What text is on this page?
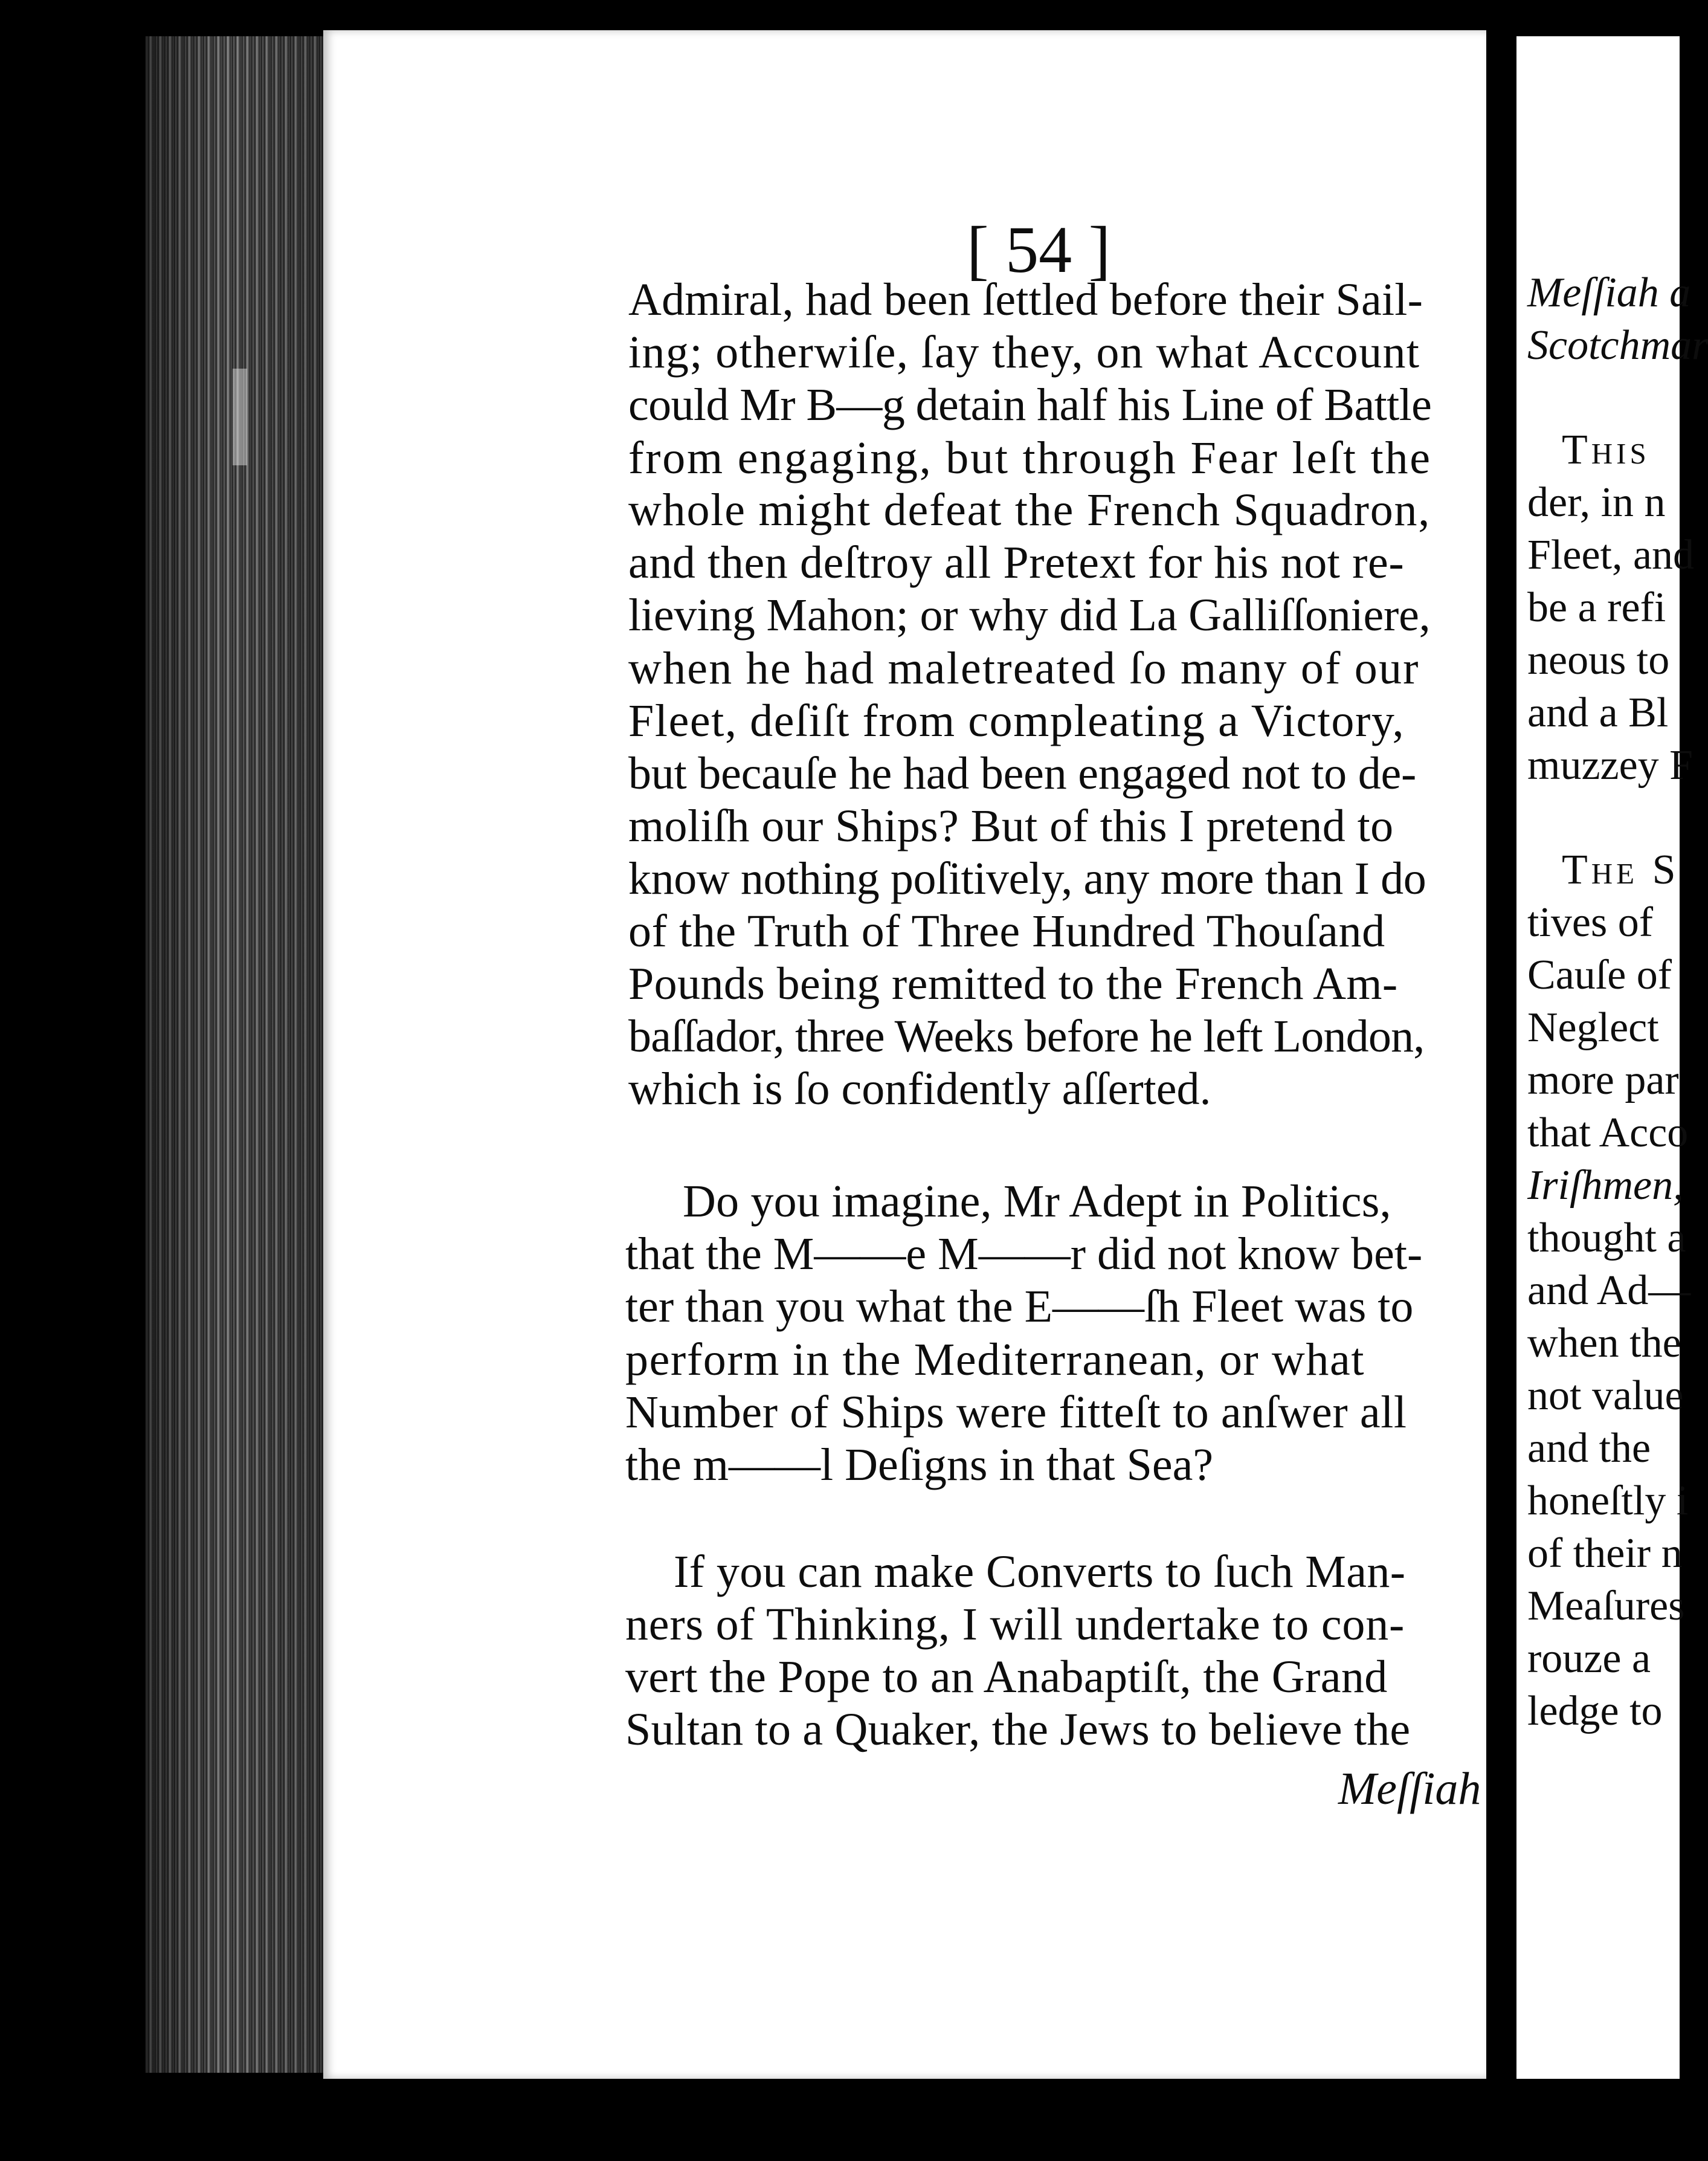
[ 54 ]
Admiral, had been ſettled before their Sail-
ing; otherwiſe, ſay they, on what Account
could Mr B—g detain half his Line of Battle
from engaging, but through Fear leſt the
whole might defeat the French Squadron,
and then deſtroy all Pretext for his not re-
lieving Mahon; or why did La Galliſſoniere,
when he had maletreated ſo many of our
Fleet, deſiſt from compleating a Victory,
but becauſe he had been engaged not to de-
moliſh our Ships? But of this I pretend to
know nothing poſitively, any more than I do
of the Truth of Three Hundred Thouſand
Pounds being remitted to the French Am-
baſſador, three Weeks before he left London,
which is ſo confidently aſſerted.
Do you imagine, Mr Adept in Politics,
that the M——e M——r did not know bet-
ter than you what the E——ſh Fleet was to
perform in the Mediterranean, or what
Number of Ships were fitteſt to anſwer all
the m——l Deſigns in that Sea?
If you can make Converts to ſuch Man-
ners of Thinking, I will undertake to con-
vert the Pope to an Anabaptiſt, the Grand
Sultan to a Quaker, the Jews to believe the
Meſſiah
Meſſiah a
Scotchmar
This
der, in n
Fleet, and
be a refi
neous to
and a Bl
muzzey F
The S
tives of
Cauſe of
Neglect
more par
that Acco
Iriſhmen,
thought a
and Ad—
when the
not value
and the
honeſtly i
of their n
Meaſures
rouze a
ledge to
